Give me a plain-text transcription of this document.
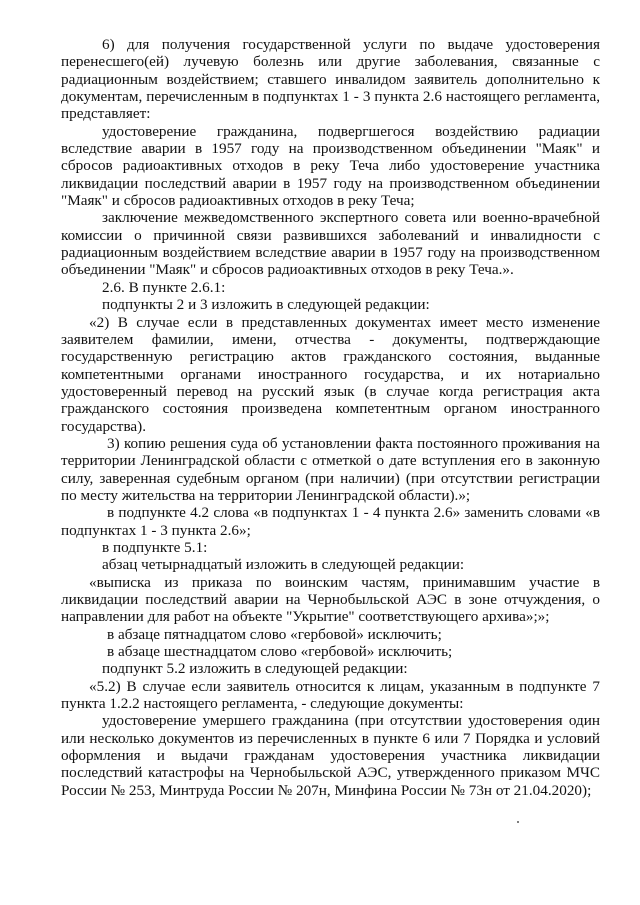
6) для получения государственной услуги по выдаче удостоверения перенесшего(ей) лучевую болезнь или другие заболевания, связанные с радиационным воздействием; ставшего инвалидом заявитель дополнительно к документам, перечисленным в подпунктах 1 - 3 пункта 2.6 настоящего регламента, представляет:

удостоверение гражданина, подвергшегося воздействию радиации вследствие аварии в 1957 году на производственном объединении "Маяк" и сбросов радиоактивных отходов в реку Теча либо удостоверение участника ликвидации последствий аварии в 1957 году на производственном объединении "Маяк" и сбросов радиоактивных отходов в реку Теча;

заключение межведомственного экспертного совета или военно-врачебной комиссии о причинной связи развившихся заболеваний и инвалидности с радиационным воздействием вследствие аварии в 1957 году на производственном объединении "Маяк" и сбросов радиоактивных отходов в реку Теча.».

2.6. В пункте 2.6.1:

подпункты 2 и 3 изложить в следующей редакции:

«2) В случае если в представленных документах имеет место изменение заявителем фамилии, имени, отчества - документы, подтверждающие государственную регистрацию актов гражданского состояния, выданные компетентными органами иностранного государства, и их нотариально удостоверенный перевод на русский язык (в случае когда регистрация акта гражданского состояния произведена компетентным органом иностранного государства).

3) копию решения суда об установлении факта постоянного проживания на территории Ленинградской области с отметкой о дате вступления его в законную силу, заверенная судебным органом (при наличии) (при отсутствии регистрации по месту жительства на территории Ленинградской области).»;

в подпункте 4.2 слова «в подпунктах 1 - 4 пункта 2.6» заменить словами «в подпунктах 1 - 3 пункта 2.6»;

в подпункте 5.1:

абзац четырнадцатый изложить в следующей редакции:

«выписка из приказа по воинским частям, принимавшим участие в ликвидации последствий аварии на Чернобыльской АЭС в зоне отчуждения, о направлении для работ на объекте "Укрытие" соответствующего архива»;»;

в абзаце пятнадцатом слово «гербовой» исключить;

в абзаце шестнадцатом слово «гербовой» исключить;

подпункт 5.2 изложить в следующей редакции:

«5.2) В случае если заявитель относится к лицам, указанным в подпункте 7 пункта 1.2.2 настоящего регламента, - следующие документы:

удостоверение умершего гражданина (при отсутствии удостоверения один или несколько документов из перечисленных в пункте 6 или 7 Порядка и условий оформления и выдачи гражданам удостоверения участника ликвидации последствий катастрофы на Чернобыльской АЭС, утвержденного приказом МЧС России № 253, Минтруда России № 207н, Минфина России № 73н от 21.04.2020);
